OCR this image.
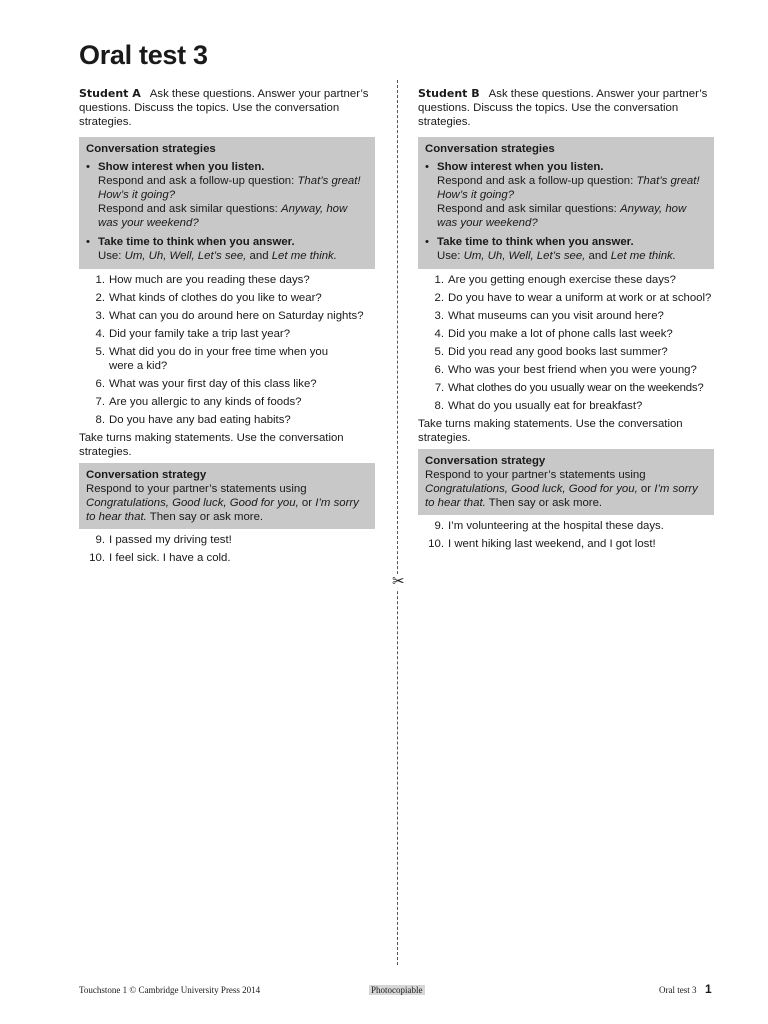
Oral test 3
✂

Student A Ask these questions. Answer your partner’s questions. Discuss the topics. Use the conversation strategies.

Conversation strategies
• Show interest when you listen.
Respond and ask a follow-up question: That’s great! How’s it going?
Respond and ask similar questions: Anyway, how was your weekend?
• Take time to think when you answer.
Use: Um, Uh, Well, Let’s see, and Let me think.
1. How much are you reading these days?
2. What kinds of clothes do you like to wear?
3. What can you do around here on Saturday nights?
4. Did your family take a trip last year?
5. What did you do in your free time when you were a kid?
6. What was your first day of this class like?
7. Are you allergic to any kinds of foods?
8. Do you have any bad eating habits?

Take turns making statements. Use the conversation strategies.

Conversation strategy
Respond to your partner’s statements using Congratulations, Good luck, Good for you, or I’m sorry to hear that. Then say or ask more.
9. I passed my driving test!
10. I feel sick. I have a cold.

Student B Ask these questions. Answer your partner’s questions. Discuss the topics. Use the conversation strategies.

Conversation strategies
• Show interest when you listen.
Respond and ask a follow-up question: That’s great! How’s it going?
Respond and ask similar questions: Anyway, how was your weekend?
• Take time to think when you answer.
Use: Um, Uh, Well, Let’s see, and Let me think.
1. Are you getting enough exercise these days?
2. Do you have to wear a uniform at work or at school?
3. What museums can you visit around here?
4. Did you make a lot of phone calls last week?
5. Did you read any good books last summer?
6. Who was your best friend when you were young?
7. What clothes do you usually wear on the weekends?
8. What do you usually eat for breakfast?

Take turns making statements. Use the conversation strategies.

Conversation strategy
Respond to your partner’s statements using Congratulations, Good luck, Good for you, or I’m sorry to hear that. Then say or ask more.
9. I’m volunteering at the hospital these days.
10. I went hiking last weekend, and I got lost!
Touchstone 1 © Cambridge University Press 2014	Photocopiable	Oral test 3 1
